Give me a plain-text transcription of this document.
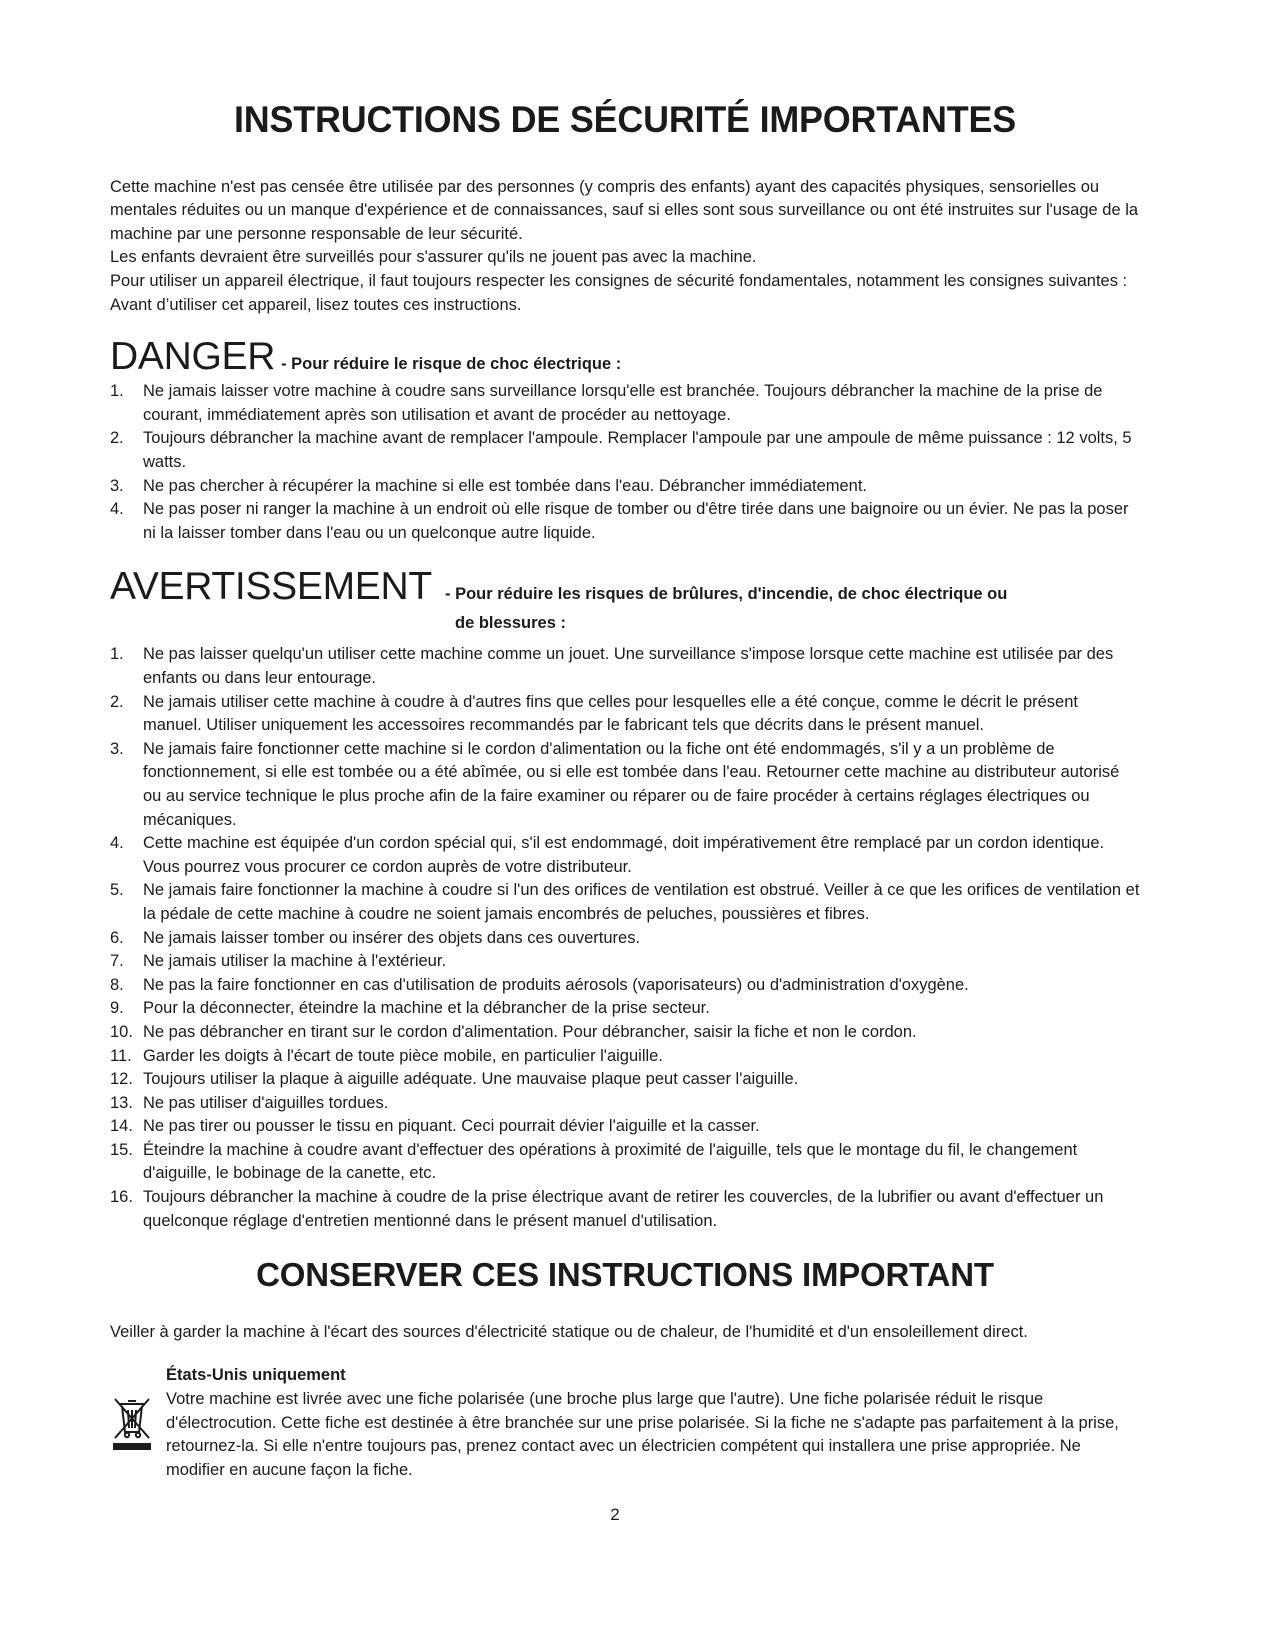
INSTRUCTIONS DE SÉCURITÉ IMPORTANTES

Cette machine n'est pas censée être utilisée par des personnes (y compris des enfants) ayant des capacités physiques, sensorielles ou mentales réduites ou un manque d'expérience et de connaissances, sauf si elles sont sous surveillance ou ont été instruites sur l'usage de la machine par une personne responsable de leur sécurité.

Les enfants devraient être surveillés pour s'assurer qu'ils ne jouent pas avec la machine.

Pour utiliser un appareil électrique, il faut toujours respecter les consignes de sécurité fondamentales, notamment les consignes suivantes : Avant d’utiliser cet appareil, lisez toutes ces instructions.

DANGER - Pour réduire le risque de choc électrique :
1.	Ne jamais laisser votre machine à coudre sans surveillance lorsqu'elle est branchée. Toujours débrancher la machine de la prise de courant, immédiatement après son utilisation et avant de procéder au nettoyage.
2.	Toujours débrancher la machine avant de remplacer l'ampoule. Remplacer l'ampoule par une ampoule de même puissance : 12 volts, 5 watts.
3.	Ne pas chercher à récupérer la machine si elle est tombée dans l'eau. Débrancher immédiatement.
4.	Ne pas poser ni ranger la machine à un endroit où elle risque de tomber ou d'être tirée dans une baignoire ou un évier. Ne pas la poser ni la laisser tomber dans l'eau ou un quelconque autre liquide.
AVERTISSEMENT - Pour réduire les risques de brûlures, d'incendie, de choc électrique ou
de blessures :
1.	Ne pas laisser quelqu'un utiliser cette machine comme un jouet. Une surveillance s'impose lorsque cette machine est utilisée par des enfants ou dans leur entourage.
2.	Ne jamais utiliser cette machine à coudre à d'autres fins que celles pour lesquelles elle a été conçue, comme le décrit le présent manuel. Utiliser uniquement les accessoires recommandés par le fabricant tels que décrits dans le présent manuel.
3.	Ne jamais faire fonctionner cette machine si le cordon d'alimentation ou la fiche ont été endommagés, s'il y a un problème de fonctionnement, si elle est tombée ou a été abîmée, ou si elle est tombée dans l'eau. Retourner cette machine au distributeur autorisé ou au service technique le plus proche afin de la faire examiner ou réparer ou de faire procéder à certains réglages électriques ou mécaniques.
4.	Cette machine est équipée d'un cordon spécial qui, s'il est endommagé, doit impérativement être remplacé par un cordon identique. Vous pourrez vous procurer ce cordon auprès de votre distributeur.
5.	Ne jamais faire fonctionner la machine à coudre si l'un des orifices de ventilation est obstrué. Veiller à ce que les orifices de ventilation et la pédale de cette machine à coudre ne soient jamais encombrés de peluches, poussières et fibres.
6.	Ne jamais laisser tomber ou insérer des objets dans ces ouvertures.
7.	Ne jamais utiliser la machine à l'extérieur.
8.	Ne pas la faire fonctionner en cas d'utilisation de produits aérosols (vaporisateurs) ou d'administration d'oxygène.
9.	Pour la déconnecter, éteindre la machine et la débrancher de la prise secteur.
10. Ne pas débrancher en tirant sur le cordon d'alimentation. Pour débrancher, saisir la fiche et non le cordon.
11. Garder les doigts à l'écart de toute pièce mobile, en particulier l'aiguille.
12. Toujours utiliser la plaque à aiguille adéquate. Une mauvaise plaque peut casser l'aiguille.
13. Ne pas utiliser d'aiguilles tordues.
14. Ne pas tirer ou pousser le tissu en piquant. Ceci pourrait dévier l'aiguille et la casser.
15. Éteindre la machine à coudre avant d'effectuer des opérations à proximité de l'aiguille, tels que le montage du fil, le changement d'aiguille, le bobinage de la canette, etc.
16. Toujours débrancher la machine à coudre de la prise électrique avant de retirer les couvercles, de la lubrifier ou avant d'effectuer un quelconque réglage d'entretien mentionné dans le présent manuel d'utilisation.
CONSERVER CES INSTRUCTIONS IMPORTANT
Veiller à garder la machine à l'écart des sources d'électricité statique ou de chaleur, de l'humidité et d'un ensoleillement direct.
États-Unis uniquement
Votre machine est livrée avec une fiche polarisée (une broche plus large que l'autre). Une fiche polarisée réduit le risque d'électrocution. Cette fiche est destinée à être branchée sur une prise polarisée. Si la fiche ne s'adapte pas parfaitement à la prise, retournez-la. Si elle n'entre toujours pas, prenez contact avec un électricien compétent qui installera une prise appropriée. Ne modifier en aucune façon la fiche.
2
